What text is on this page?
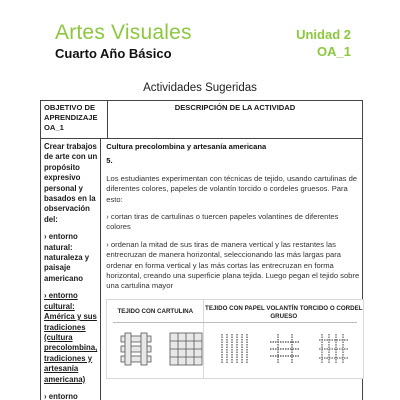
Artes Visuales
Cuarto Año Básico
Unidad 2
OA_1
Actividades Sugeridas
OBJETIVO DE APRENDIZAJE OA_1
DESCRIPCIÓN DE LA ACTIVIDAD

Crear trabajos de arte con un propósito expresivo personal y basados en la observación del:

› entorno natural: naturaleza y paisaje americano

› entorno cultural: América y sus tradiciones (cultura precolombina, tradiciones y artesanía americana)

› entorno

Cultura precolombina y artesanía americana
5.
Los estudiantes experimentan con técnicas de tejido, usando cartulinas de diferentes colores, papeles de volantín torcido o cordeles gruesos. Para esto:
› cortan tiras de cartulinas o tuercen papeles volantines de diferentes colores
› ordenan la mitad de sus tiras de manera vertical y las restantes las entrecruzan de manera horizontal, seleccionando las más largas para ordenar en forma vertical y las más cortas las entrecruzan en forma horizontal, creando una superficie plana tejida. Luego pegan el tejido sobre una cartulina mayor
TEJIDO CON CARTULINA	TEJIDO CON PAPEL VOLANTÍN TORCIDO O CORDEL GRUESO
